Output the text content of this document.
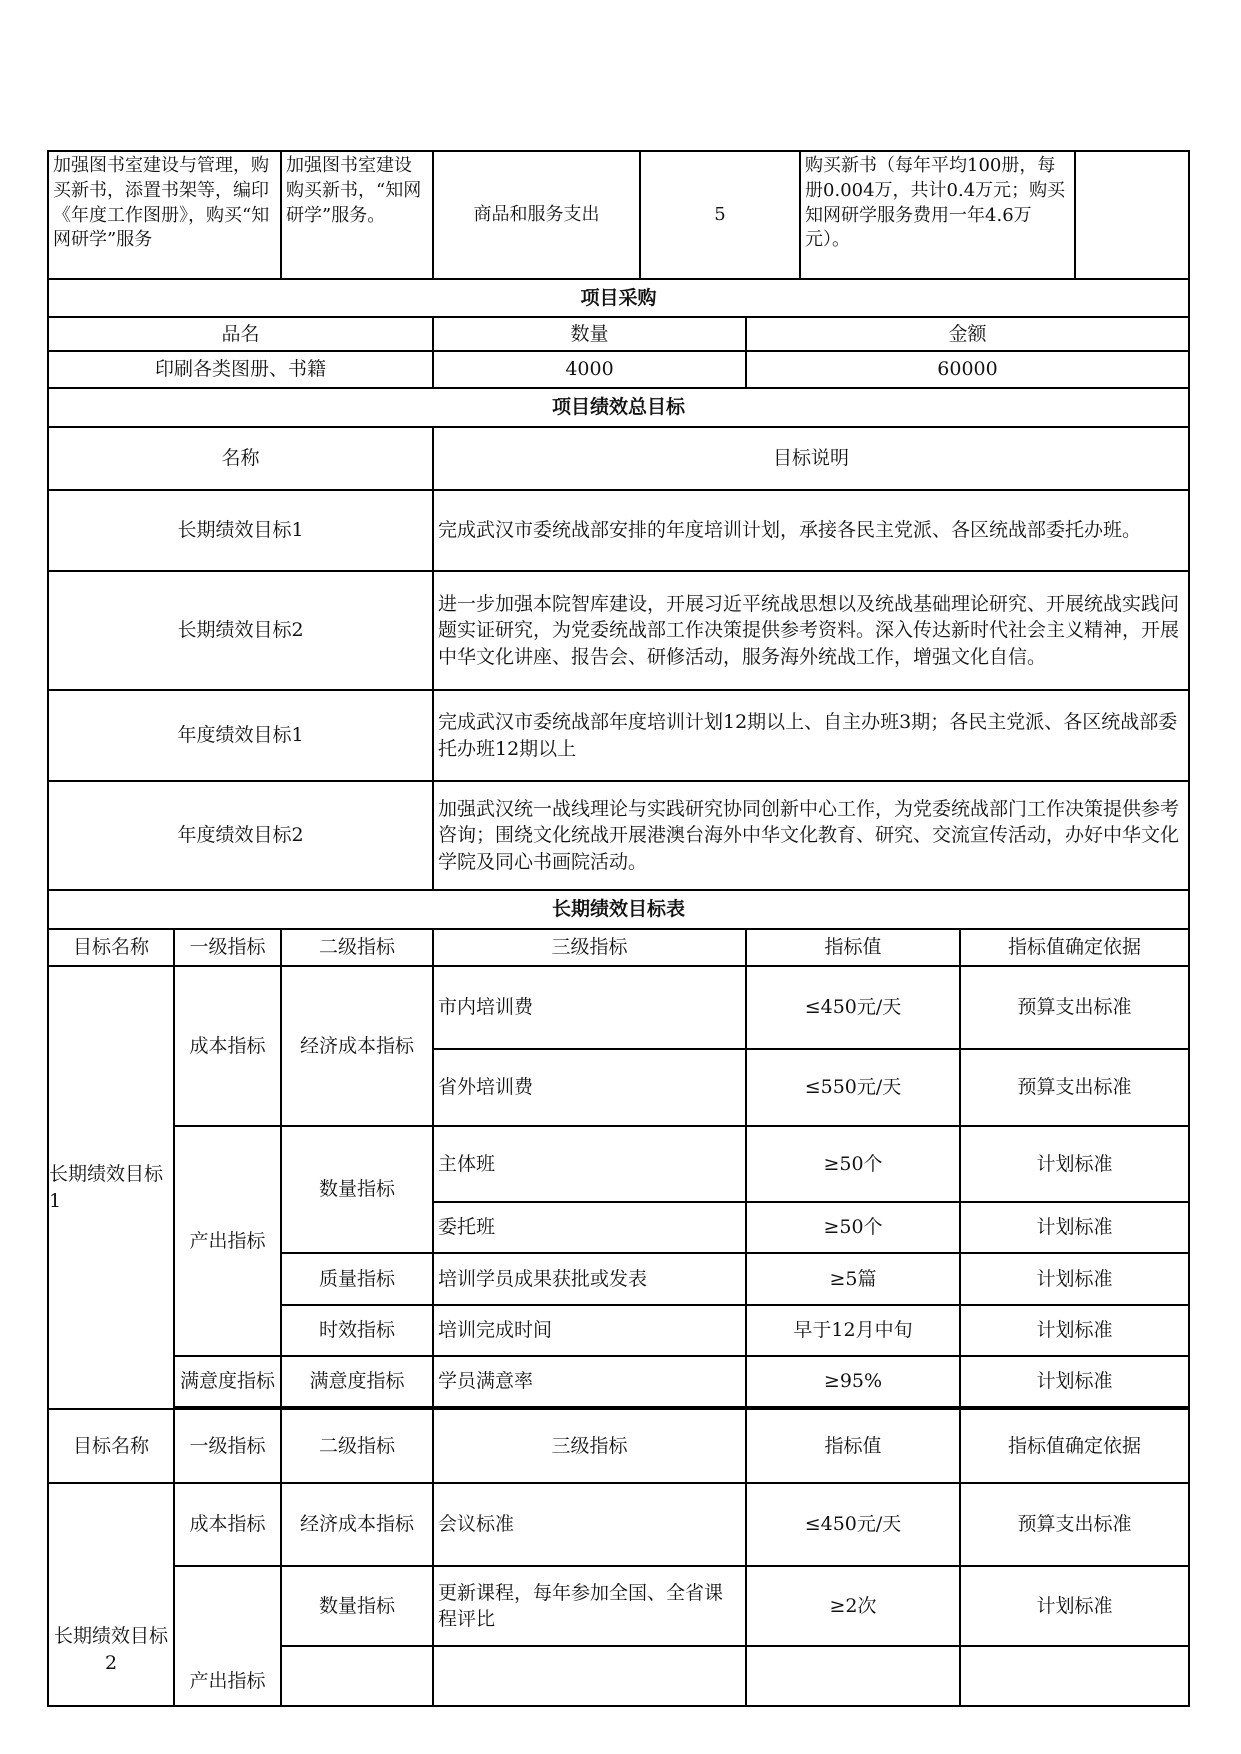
加强图书室建设与管理，购买新书，添置书架等，编印《年度工作图册》，购买“知网研学”服务		加强图书室建设购买新书，“知网研学”服务。	商品和服务支出	5		购买新书（每年平均100册，每册0.004万，共计0.4万元；购买知网研学服务费用一年4.6万元）。		
项目采购								
品名			数量		金额			
印刷各类图册、书籍			4000		60000			
项目绩效总目标								
名称			目标说明					
长期绩效目标1			完成武汉市委统战部安排的年度培训计划，承接各民主党派、各区统战部委托办班。					
长期绩效目标2			进一步加强本院智库建设，开展习近平统战思想以及统战基础理论研究、开展统战实践问题实证研究，为党委统战部工作决策提供参考资料。深入传达新时代社会主义精神，开展中华文化讲座、报告会、研修活动，服务海外统战工作，增强文化自信。					
年度绩效目标1			完成武汉市委统战部年度培训计划12期以上、自主办班3期；各民主党派、各区统战部委托办班12期以上					
年度绩效目标2			加强武汉统一战线理论与实践研究协同创新中心工作，为党委统战部门工作决策提供参考咨询；围绕文化统战开展港澳台海外中华文化教育、研究、交流宣传活动，办好中华文化学院及同心书画院活动。					
长期绩效目标表								
目标名称	一级指标	二级指标	三级指标		指标值		指标值确定依据	
长期绩效目标1	成本指标	经济成本指标	市内培训费		≤450元/天		预算支出标准	
			省外培训费		≤550元/天		预算支出标准	
	产出指标	数量指标	主体班		≥50个		计划标准	
			委托班		≥50个		计划标准	
		质量指标	培训学员成果获批或发表		≥5篇		计划标准	
		时效指标	培训完成时间		早于12月中旬		计划标准	
	满意度指标	满意度指标	学员满意率		≥95%		计划标准	

目标名称	一级指标	二级指标	三级指标		指标值		指标值确定依据	

长期绩效目标2	成本指标	经济成本指标	会议标准		≤450元/天		预算支出标准	

	产出指标	数量指标	更新课程，每年参加全国、全省课程评比		≥2次		计划标准	
